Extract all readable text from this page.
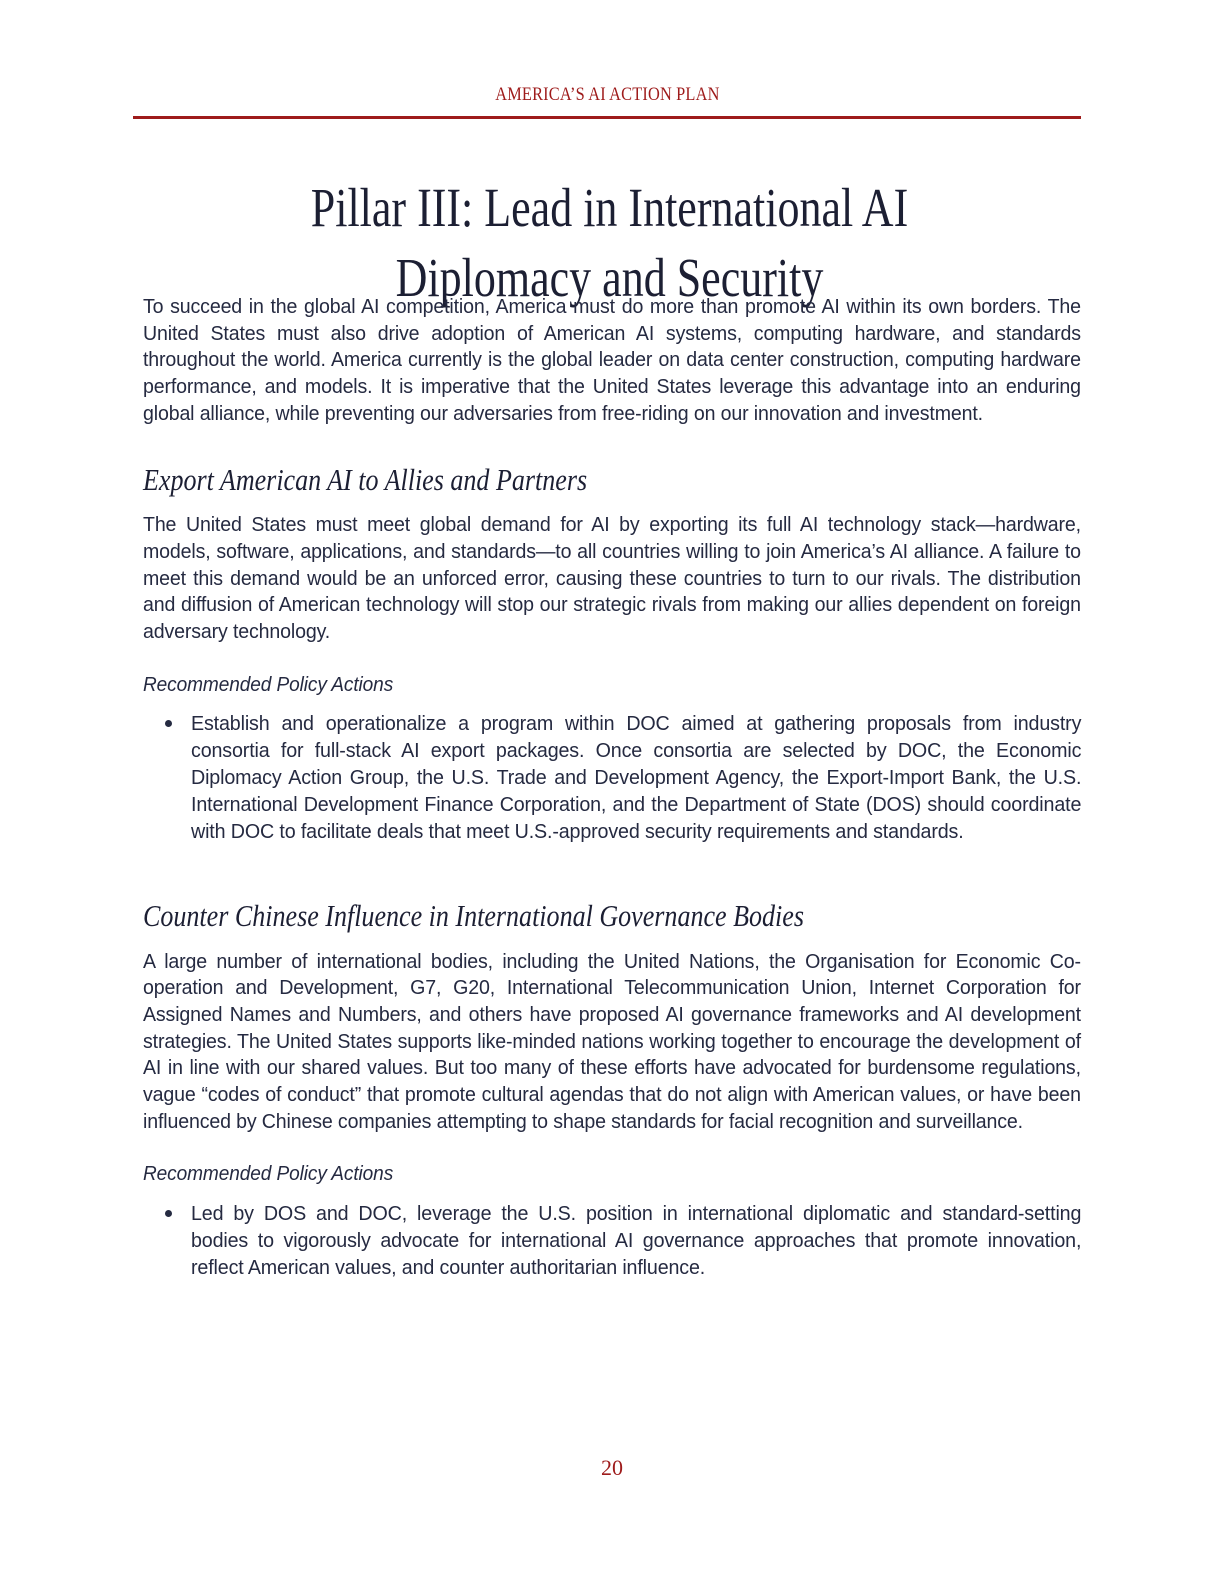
AMERICA’S AI ACTION PLAN
Pillar III: Lead in International AI Diplomacy and Security

To succeed in the global AI competition, America must do more than promote AI within its own borders. The United States must also drive adoption of American AI systems, computing hardware, and standards throughout the world. America currently is the global leader on data center construction, computing hardware performance, and models. It is imperative that the United States leverage this advantage into an enduring global alliance, while preventing our adversaries from free-riding on our innovation and investment.

Export American AI to Allies and Partners

The United States must meet global demand for AI by exporting its full AI technology stack—hardware, models, software, applications, and standards—to all countries willing to join America’s AI alliance. A failure to meet this demand would be an unforced error, causing these countries to turn to our rivals. The distribution and diffusion of American technology will stop our strategic rivals from making our allies dependent on foreign adversary technology.

Recommended Policy Actions
Establish and operationalize a program within DOC aimed at gathering proposals from industry consortia for full-stack AI export packages. Once consortia are selected by DOC, the Economic Diplomacy Action Group, the U.S. Trade and Development Agency, the Export-Import Bank, the U.S. International Development Finance Corporation, and the Department of State (DOS) should coordinate with DOC to facilitate deals that meet U.S.-approved security requirements and standards.
Counter Chinese Influence in International Governance Bodies

A large number of international bodies, including the United Nations, the Organisation for Economic Co-operation and Development, G7, G20, International Telecommunication Union, Internet Corporation for Assigned Names and Numbers, and others have proposed AI governance frameworks and AI development strategies. The United States supports like-minded nations working together to encourage the development of AI in line with our shared values. But too many of these efforts have advocated for burdensome regulations, vague “codes of conduct” that promote cultural agendas that do not align with American values, or have been influenced by Chinese companies attempting to shape standards for facial recognition and surveillance.

Recommended Policy Actions
Led by DOS and DOC, leverage the U.S. position in international diplomatic and standard-setting bodies to vigorously advocate for international AI governance approaches that promote innovation, reflect American values, and counter authoritarian influence.
20
